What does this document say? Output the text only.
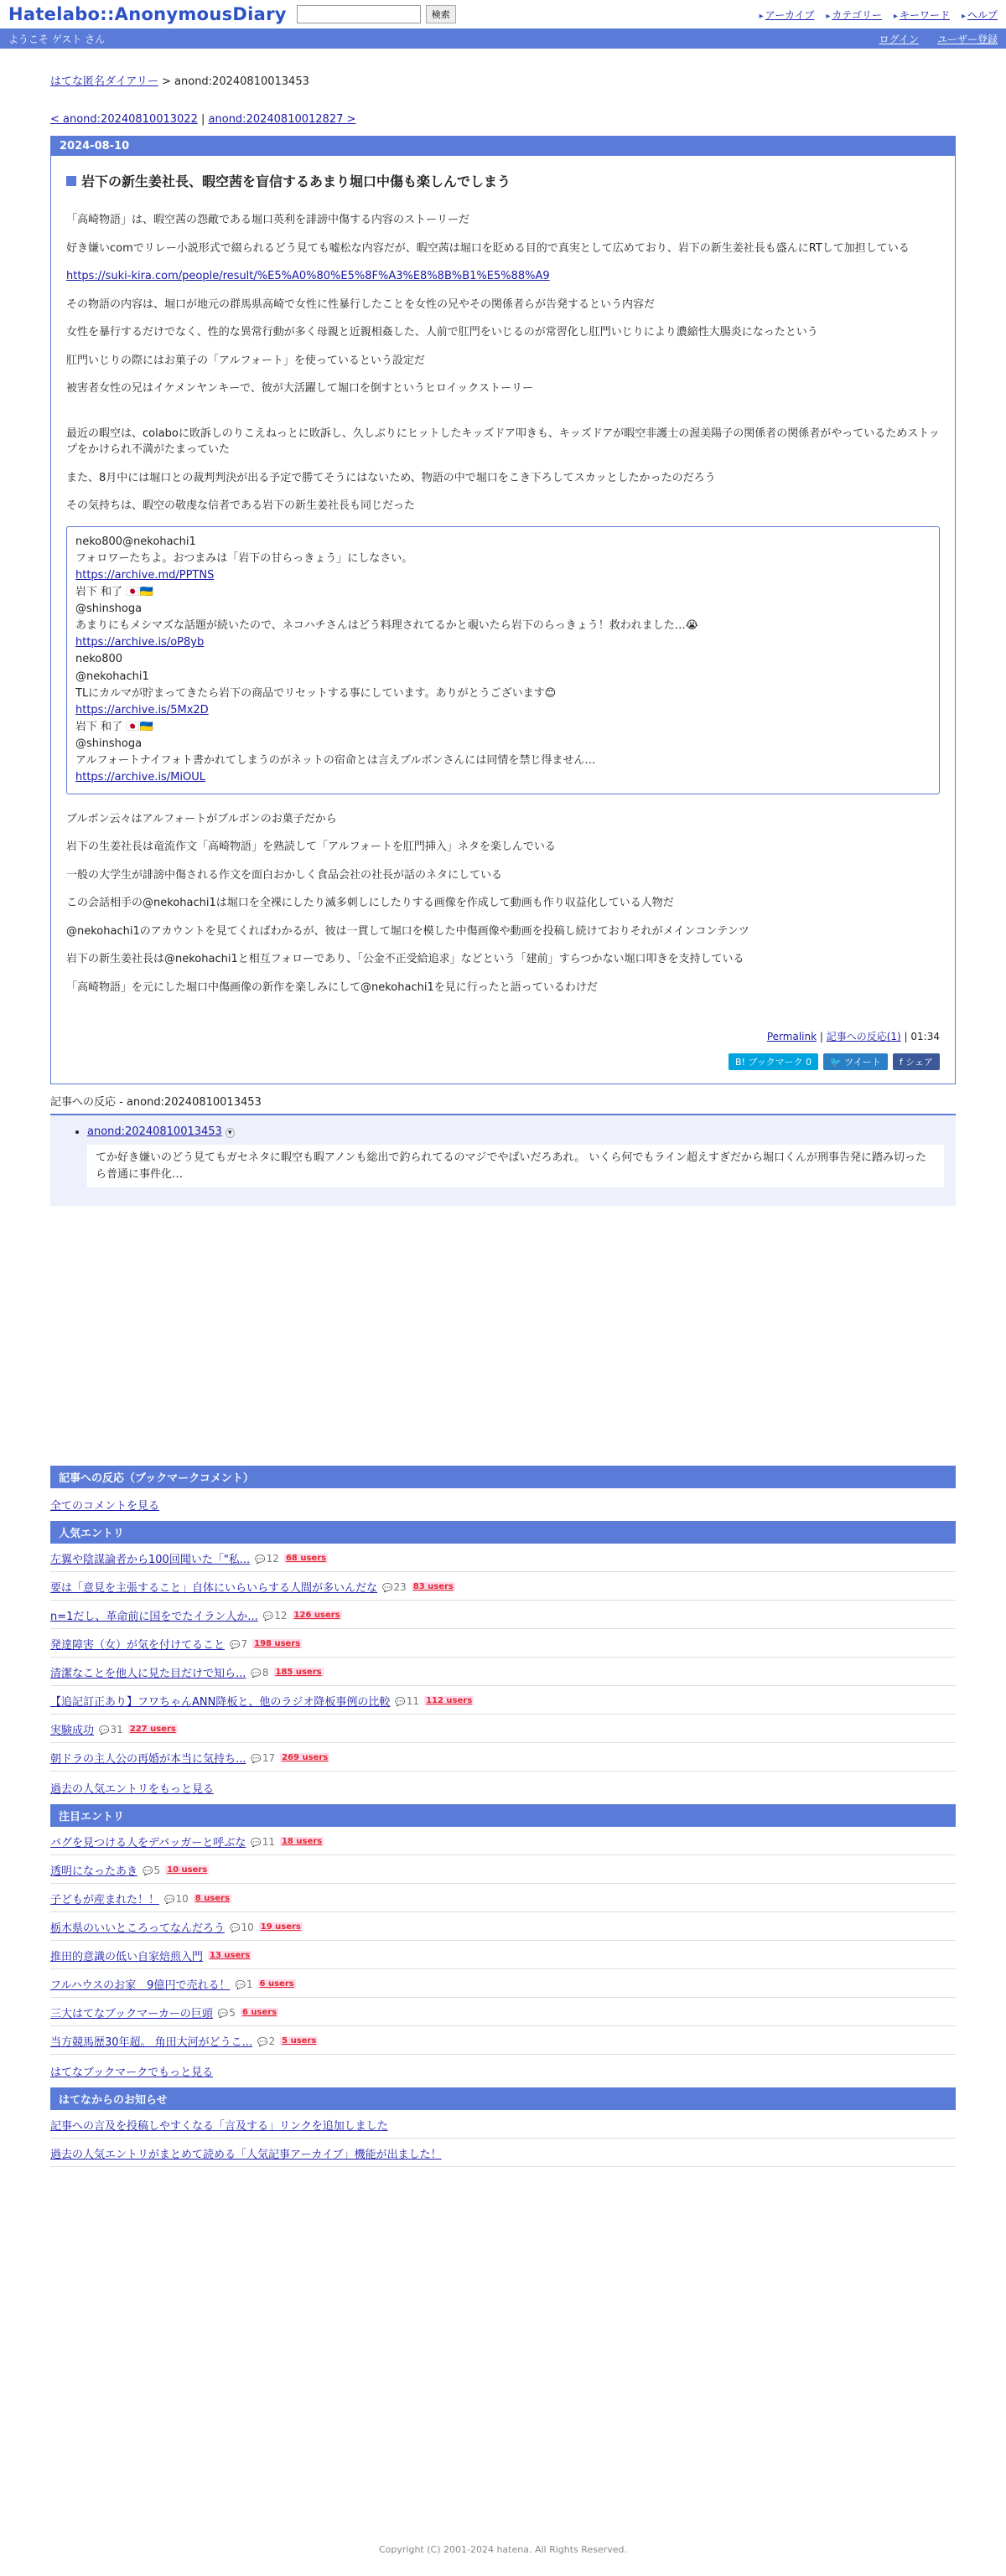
Hatelabo::AnonymousDiary	検索	▸ アーカイブ	▸ カテゴリー	▸ キーワード	▸ ヘルプ
ようこそ ゲスト さん	ログイン ユーザー登録
はてな匿名ダイアリー > anond:20240810013453
< anond:20240810013022 | anond:20240810012827 >
2024-08-10
岩下の新生姜社長、暇空茜を盲信するあまり堀口中傷も楽しんでしまう

「高崎物語」は、暇空茜の怨敵である堀口英利を誹謗中傷する内容のストーリーだ

好き嫌いcomでリレー小説形式で綴られるどう見ても嘘松な内容だが、暇空茜は堀口を貶める目的で真実として広めており、岩下の新生姜社長も盛んにRTして加担している

https://suki-kira.com/people/result/%E5%A0%80%E5%8F%A3%E8%8B%B1%E5%88%A9

その物語の内容は、堀口が地元の群馬県高崎で女性に性暴行したことを女性の兄やその関係者らが告発するという内容だ

女性を暴行するだけでなく、性的な異常行動が多く母親と近親相姦した、人前で肛門をいじるのが常習化し肛門いじりにより濃縮性大腸炎になったという

肛門いじりの際にはお菓子の「アルフォート」を使っているという設定だ

被害者女性の兄はイケメンヤンキーで、彼が大活躍して堀口を倒すというヒロイックストーリー

最近の暇空は、colaboに敗訴しのりこえねっとに敗訴し、久しぶりにヒットしたキッズドア叩きも、キッズドアが暇空非護士の渥美陽子の関係者の関係者がやっているためストップをかけられ不満がたまっていた

また、8月中には堀口との裁判判決が出る予定で勝てそうにはないため、物語の中で堀口をこき下ろしてスカッとしたかったのだろう

その気持ちは、暇空の敬虔な信者である岩下の新生姜社長も同じだった

neko800@nekohachi1
フォロワーたちよ。おつまみは「岩下の甘らっきょう」にしなさい。
https://archive.md/PPTNS
岩下 和了 🇯🇵🇺🇦
@shinshoga
あまりにもメシマズな話題が続いたので、ネコハチさんはどう料理されてるかと覗いたら岩下のらっきょう！救われました…😭
https://archive.is/oP8yb
neko800
@nekohachi1
TLにカルマが貯まってきたら岩下の商品でリセットする事にしています。ありがとうございます😊
https://archive.is/5Mx2D
岩下 和了 🇯🇵🇺🇦
@shinshoga
アルフォートナイフォト書かれてしまうのがネットの宿命とは言えブルボンさんには同情を禁じ得ません…
https://archive.is/MiOUL

ブルボン云々はアルフォートがブルボンのお菓子だから

岩下の生姜社長は竜流作文「高崎物語」を熟読して「アルフォートを肛門挿入」ネタを楽しんでいる

一般の大学生が誹謗中傷される作文を面白おかしく食品会社の社長が話のネタにしている

この会話相手の@nekohachi1は堀口を全裸にしたり滅多刺しにしたりする画像を作成して動画も作り収益化している人物だ

@nekohachi1のアカウントを見てくればわかるが、彼は一貫して堀口を模した中傷画像や動画を投稿し続けておりそれがメインコンテンツ

岩下の新生姜社長は@nekohachi1と相互フォローであり、「公金不正受給追求」などという「建前」すらつかない堀口叩きを支持している

「高崎物語」を元にした堀口中傷画像の新作を楽しみにして@nekohachi1を見に行ったと語っているわけだ

Permalink | 記事への反応(1) | 01:34
B! ブックマーク 0	🐦 ツイート	f シェア
記事への反応 - anond:20240810013453
• anond:20240810013453 ▾
てか好き嫌いのどう見てもガセネタに暇空も暇アノンも総出で釣られてるのマジでやばいだろあれ。 いくら何でもライン超えすぎだから堀口くんが刑事告発に踏み切ったら普通に事件化…
記事への反応（ブックマークコメント）
全てのコメントを見る
人気エントリ
左翼や陰謀論者から100回聞いた「"私...	💬 12 68 users
要は「意見を主張すること」自体にいらいらする人間が多いんだな	💬 23 83 users
n=1だし、革命前に国をでたイラン人か...	💬 12 126 users
発達障害（女）が気を付けてること	💬 7 198 users
清潔なことを他人に見た目だけで知ら...	💬 8 185 users
【追記訂正あり】フワちゃんANN降板と、他のラジオ降板事例の比較	💬 11 112 users
実験成功	💬 31 227 users
朝ドラの主人公の再婚が本当に気持ち...	💬 17 269 users
過去の人気エントリをもっと見る
注目エントリ
バグを見つける人をデバッガーと呼ぶな	💬 11 18 users
透明になったあき	💬 5 10 users
子どもが産まれた！！	💬 10 8 users
栃木県のいいところってなんだろう	💬 10 19 users
推田的意識の低い自家焙煎入門 13 users
フルハウスのお家　9億円で売れる！	💬 1 6 users
三大はてなブックマーカーの巨頭	💬 5 6 users
当方競馬歴30年超。 角田大河がどうこ...	💬 2 5 users
はてなブックマークでもっと見る
はてなからのお知らせ
記事への言及を投稿しやすくなる「言及する」リンクを追加しました
過去の人気エントリがまとめて読める「人気記事アーカイブ」機能が出ました！
Copyright (C) 2001-2024 hatena. All Rights Reserved.
